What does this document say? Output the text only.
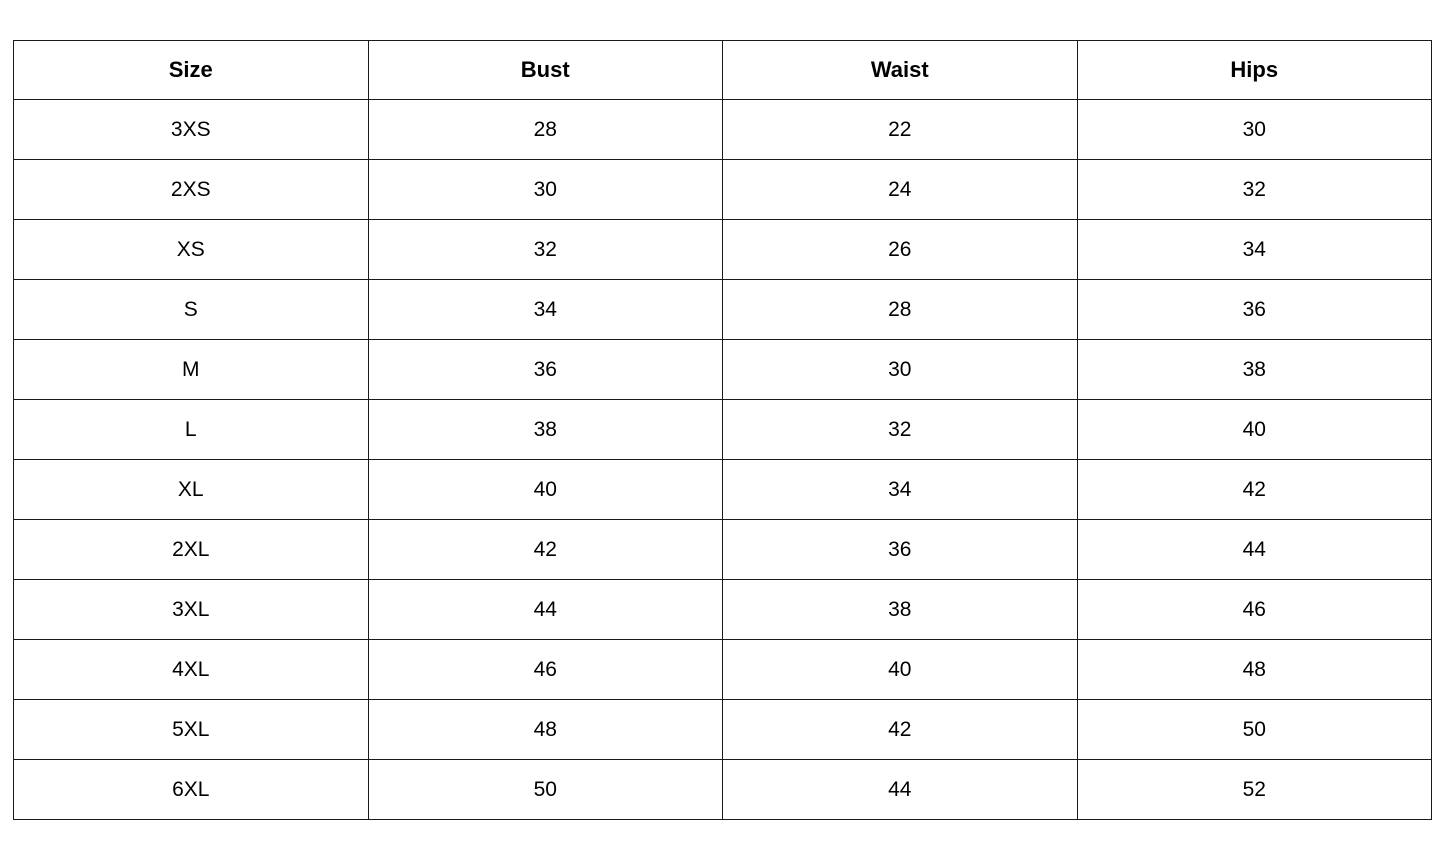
Size	Bust	Waist	Hips
3XS	28	22	30
2XS	30	24	32
XS	32	26	34
S	34	28	36
M	36	30	38
L	38	32	40
XL	40	34	42
2XL	42	36	44
3XL	44	38	46
4XL	46	40	48
5XL	48	42	50
6XL	50	44	52
